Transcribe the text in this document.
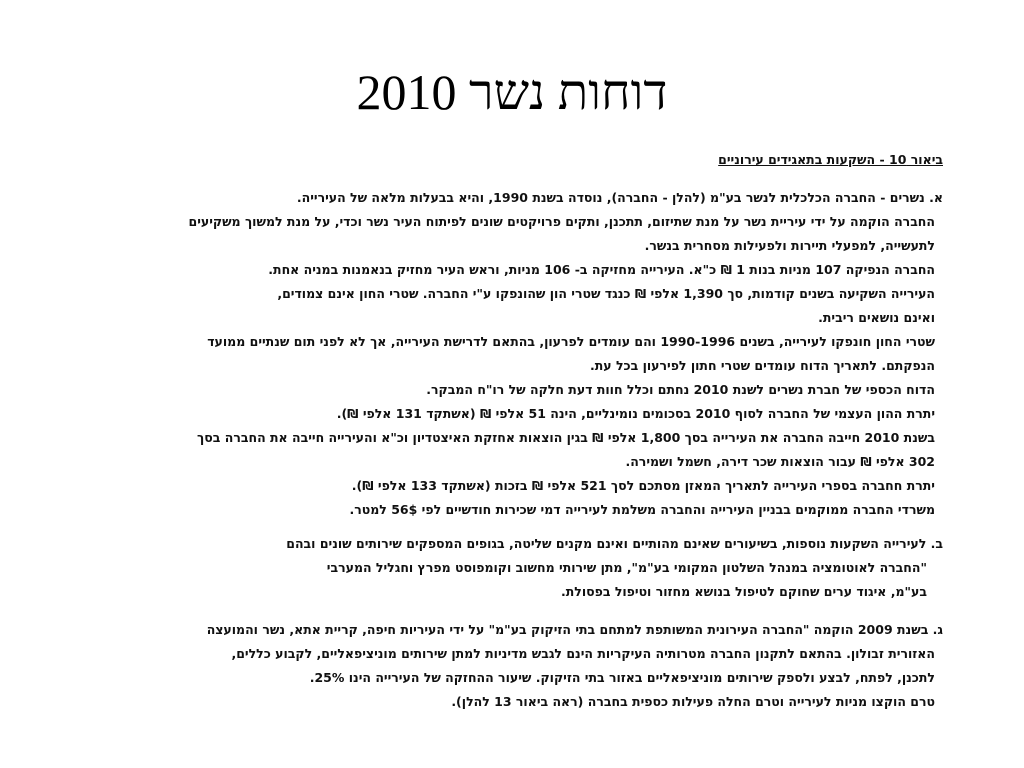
דוחות נשר 2010
ביאור 10 - השקעות בתאגידים עירוניים
א. נשרים - החברה הכלכלית לנשר בע"מ (להלן - החברה), נוסדה בשנת 1990, והיא בבעלות מלאה של העירייה.
החברה הוקמה על ידי עיריית נשר על מנת שתיזום, תתכנן, ותקים פרויקטים שונים לפיתוח העיר נשר וכדי, על מנת למשוך משקיעים
לתעשייה, למפעלי תיירות ולפעילות מסחרית בנשר.
החברה הנפיקה 107 מניות בנות 1 ₪ כ"א. העירייה מחזיקה ב- 106 מניות, וראש העיר מחזיק בנאמנות במניה אחת.
העירייה השקיעה בשנים קודמות, סך 1,390 אלפי ₪ כנגד שטרי הון שהונפקו ע"י החברה. שטרי החון אינם צמודים,
ואינם נושאים ריבית.
שטרי החון חונפקו לעירייה, בשנים 1990-1996 והם עומדים לפרעון, בהתאם לדרישת העירייה, אך לא לפני תום שנתיים ממועד
הנפקתם. לתאריך הדוח עומדים שטרי חתון לפירעון בכל עת.
הדוח הכספי של חברת נשרים לשנת 2010 נחתם וכלל חוות דעת חלקה של רו"ח המבקר.
יתרת ההון העצמי של החברה לסוף 2010 בסכומים נומינליים, הינה 51 אלפי ₪ (אשתקד 131 אלפי ₪).
בשנת 2010 חייבה החברה את העירייה בסך 1,800 אלפי ₪ בגין הוצאות אחזקת האיצטדיון וכ"א והעירייה חייבה את החברה בסך
302 אלפי ₪ עבור הוצאות שכר דירה, חשמל ושמירה.
יתרת חחברה בספרי העירייה לתאריך המאזן מסתכם לסך 521 אלפי ₪ בזכות (אשתקד 133 אלפי ₪).
משרדי החברה ממוקמים בבניין העירייה והחברה משלמת לעירייה דמי שכירות חודשיים לפי 56$ למטר.
ב. לעירייה השקעות נוספות, בשיעורים שאינם מהותיים ואינם מקנים שליטה, בגופים המספקים שירותים שונים ובהם
"החברה לאוטומציה במנהל השלטון המקומי בע"מ", מתן שירותי מחשוב וקומפוסט מפרץ וחגליל המערבי
בע"מ, איגוד ערים שחוקם לטיפול בנושא מחזור וטיפול בפסולת.
ג. בשנת 2009 הוקמה "החברה העירונית המשותפת למתחם בתי הזיקוק בע"מ" על ידי העיריות חיפה, קריית אתא, נשר והמועצה
האזורית זבולון. בהתאם לתקנון החברה מטרותיה העיקריות הינם לגבש מדיניות למתן שירותים מוניציפאליים, לקבוע כללים,
לתכנן, לפתח, לבצע ולספק שירותים מוניציפאליים באזור בתי הזיקוק. שיעור ההחזקה של העירייה הינו 25%.
טרם הוקצו מניות לעירייה וטרם החלה פעילות כספית בחברה (ראה ביאור 13 להלן).
